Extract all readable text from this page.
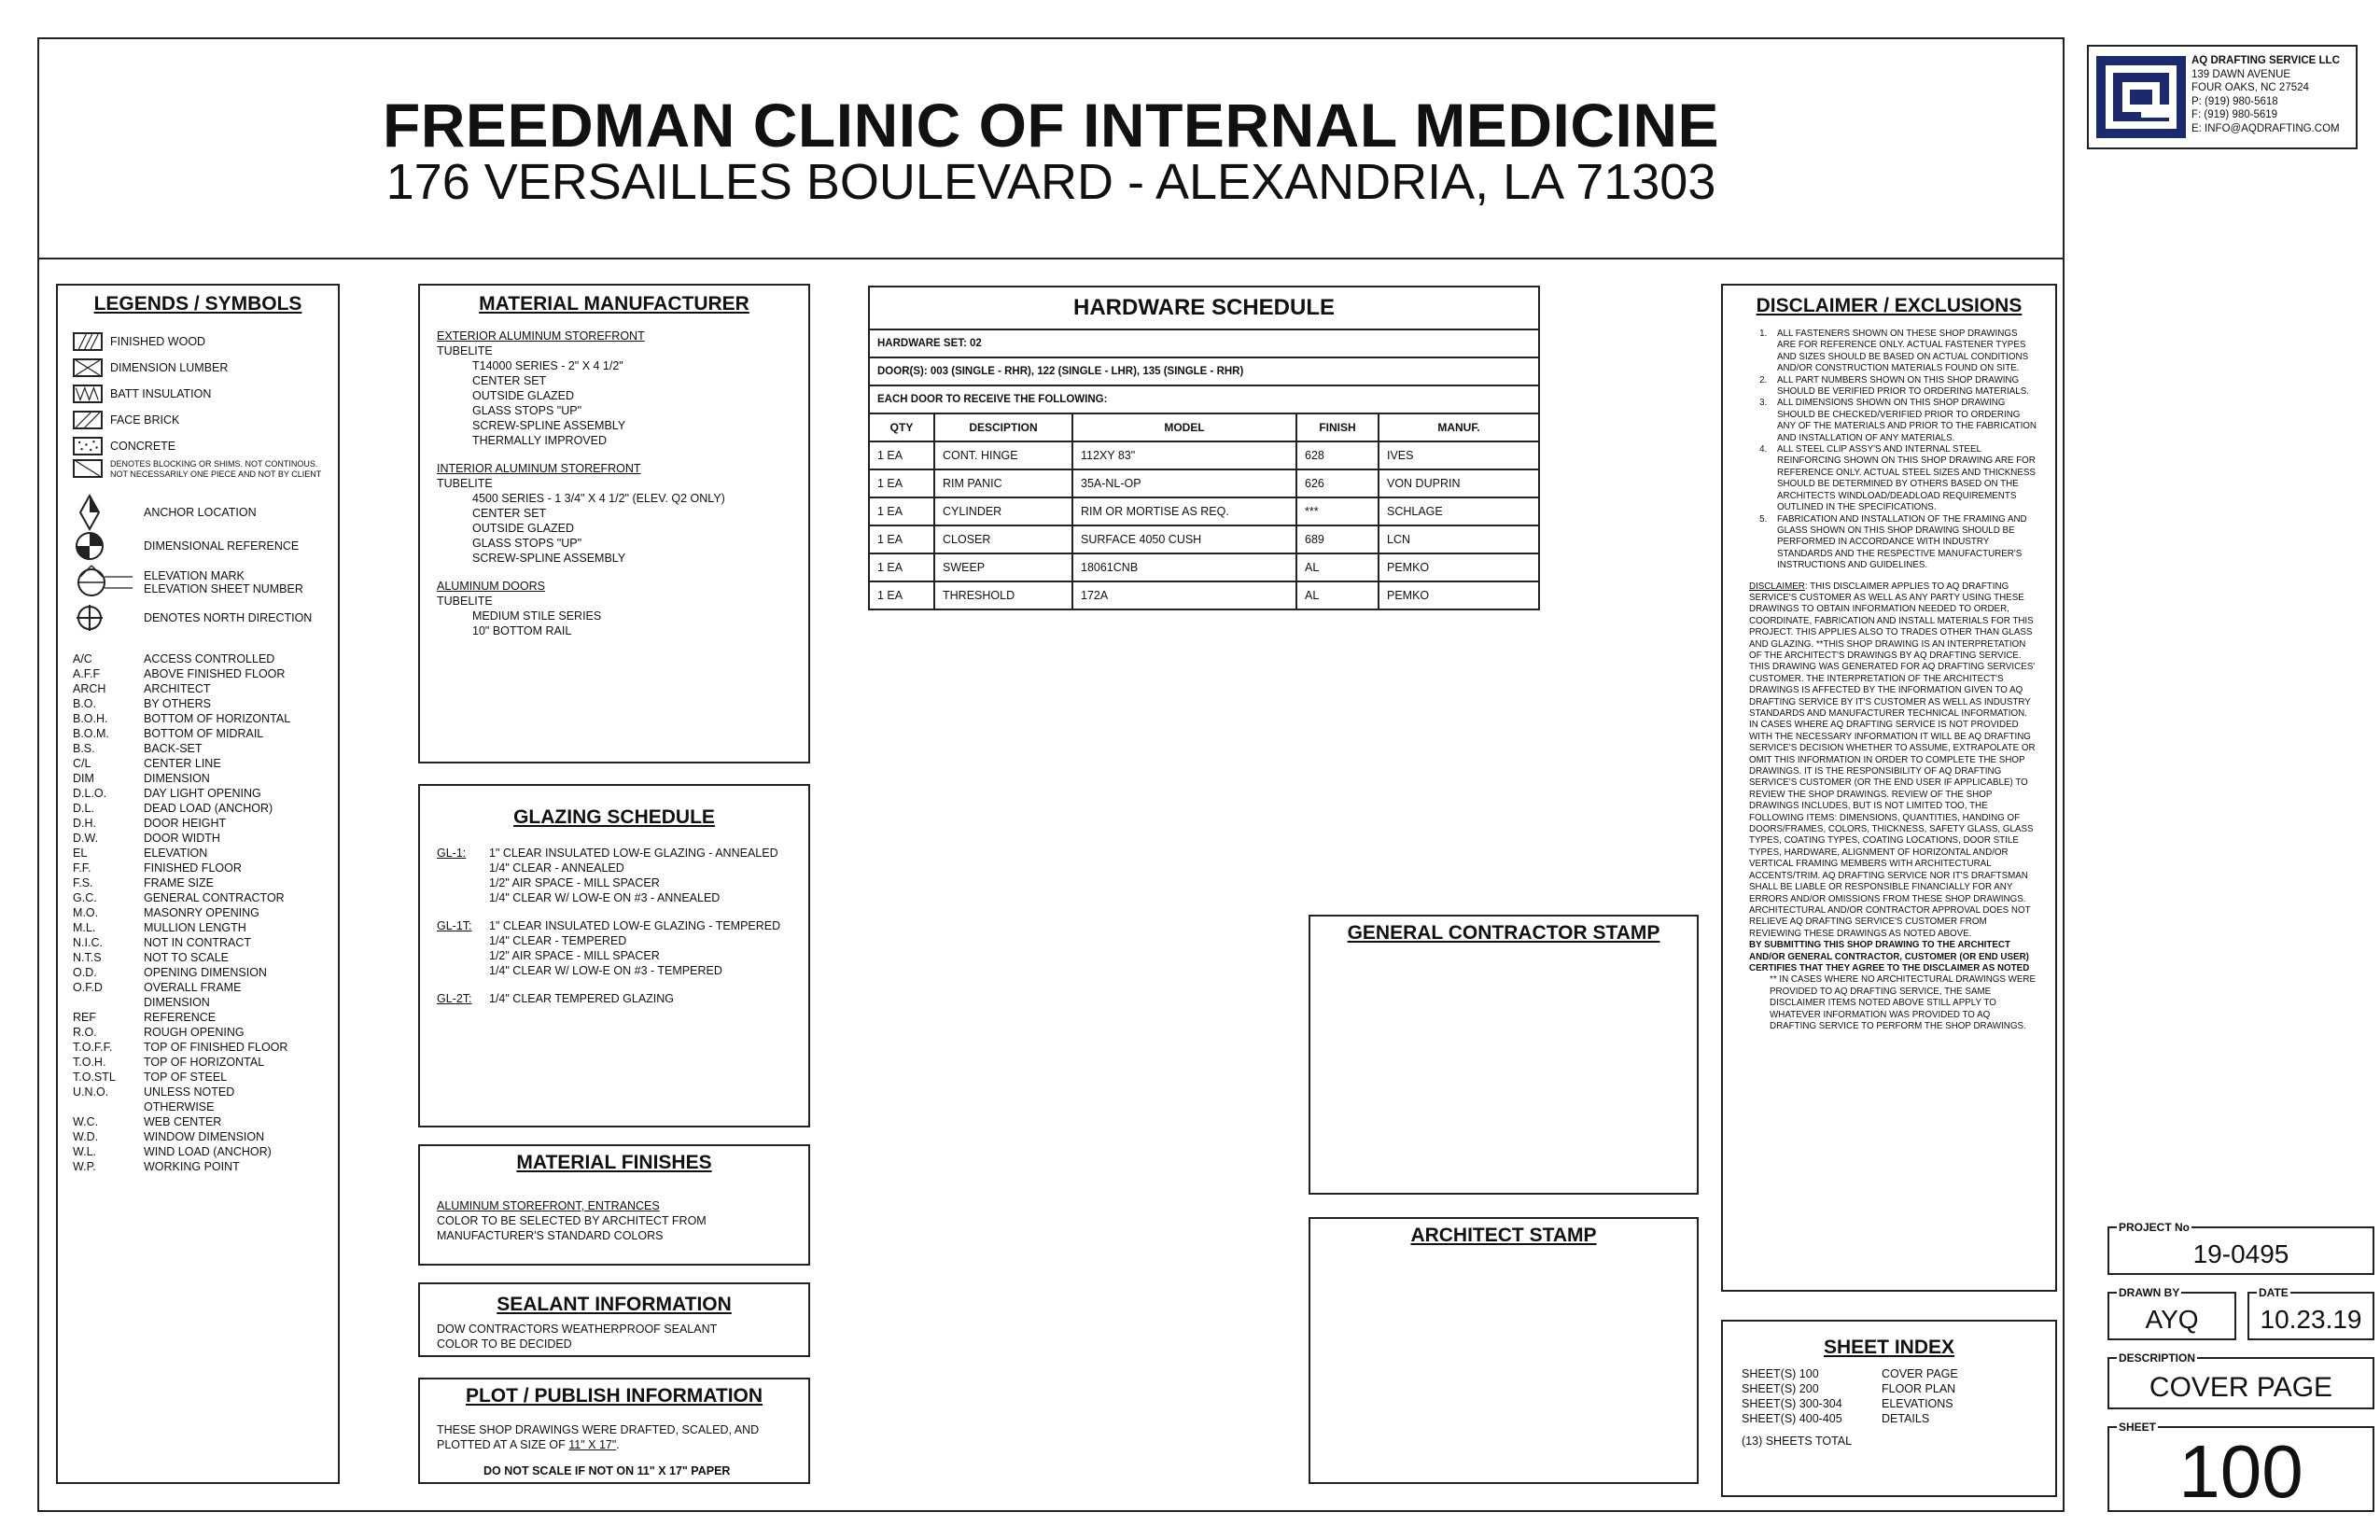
FREEDMAN CLINIC OF INTERNAL MEDICINE
176 VERSAILLES BOULEVARD - ALEXANDRIA, LA 71303
AQ DRAFTING SERVICE LLC
139 DAWN AVENUE
FOUR OAKS, NC 27524
P: (919) 980-5618
F: (919) 980-5619
E: INFO@AQDRAFTING.COM
LEGENDS / SYMBOLS
FINISHED WOOD
DIMENSION LUMBER
BATT INSULATION
FACE BRICK
CONCRETE
DENOTES BLOCKING OR SHIMS. NOT CONTINOUS. NOT NECESSARILY ONE PIECE AND NOT BY CLIENT
ANCHOR LOCATION
DIMENSIONAL REFERENCE
ELEVATION MARK
ELEVATION SHEET NUMBER
DENOTES NORTH DIRECTION
A/C	ACCESS CONTROLLED
A.F.F	ABOVE FINISHED FLOOR
ARCH	ARCHITECT
B.O.	BY OTHERS
B.O.H.	BOTTOM OF HORIZONTAL
B.O.M.	BOTTOM OF MIDRAIL
B.S.	BACK-SET
C/L	CENTER LINE
DIM	DIMENSION
D.L.O.	DAY LIGHT OPENING
D.L.	DEAD LOAD (ANCHOR)
D.H.	DOOR HEIGHT
D.W.	DOOR WIDTH
EL	ELEVATION
F.F.	FINISHED FLOOR
F.S.	FRAME SIZE
G.C.	GENERAL CONTRACTOR
M.O.	MASONRY OPENING
M.L.	MULLION LENGTH
N.I.C.	NOT IN CONTRACT
N.T.S	NOT TO SCALE
O.D.	OPENING DIMENSION
O.F.D	OVERALL FRAME
DIMENSION
REF	REFERENCE
R.O.	ROUGH OPENING
T.O.F.F.	TOP OF FINISHED FLOOR
T.O.H.	TOP OF HORIZONTAL
T.O.STL	TOP OF STEEL
U.N.O.	UNLESS NOTED
OTHERWISE
W.C.	WEB CENTER
W.D.	WINDOW DIMENSION
W.L.	WIND LOAD (ANCHOR)
W.P.	WORKING POINT
MATERIAL MANUFACTURER
EXTERIOR ALUMINUM STOREFRONT
TUBELITE
T14000 SERIES - 2" X 4 1/2"
CENTER SET
OUTSIDE GLAZED
GLASS STOPS "UP"
SCREW-SPLINE ASSEMBLY
THERMALLY IMPROVED
INTERIOR ALUMINUM STOREFRONT
TUBELITE
4500 SERIES - 1 3/4" X 4 1/2" (ELEV. Q2 ONLY)
CENTER SET
OUTSIDE GLAZED
GLASS STOPS "UP"
SCREW-SPLINE ASSEMBLY
ALUMINUM DOORS
TUBELITE
MEDIUM STILE SERIES
10" BOTTOM RAIL
GLAZING SCHEDULE
GL-1:	1" CLEAR INSULATED LOW-E GLAZING - ANNEALED
1/4" CLEAR - ANNEALED
1/2" AIR SPACE - MILL SPACER
1/4" CLEAR W/ LOW-E ON #3 - ANNEALED
GL-1T:	1" CLEAR INSULATED LOW-E GLAZING - TEMPERED
1/4" CLEAR - TEMPERED
1/2" AIR SPACE - MILL SPACER
1/4" CLEAR W/ LOW-E ON #3 - TEMPERED
GL-2T:	1/4" CLEAR TEMPERED GLAZING
MATERIAL FINISHES
ALUMINUM STOREFRONT, ENTRANCES
COLOR TO BE SELECTED BY ARCHITECT FROM
MANUFACTURER'S STANDARD COLORS
SEALANT INFORMATION
DOW CONTRACTORS WEATHERPROOF SEALANT
COLOR TO BE DECIDED
PLOT / PUBLISH INFORMATION
THESE SHOP DRAWINGS WERE DRAFTED, SCALED, AND
PLOTTED AT A SIZE OF 11" X 17".
DO NOT SCALE IF NOT ON 11" X 17" PAPER
HARDWARE SCHEDULE				
HARDWARE SET: 02				
DOOR(S): 003 (SINGLE - RHR), 122 (SINGLE - LHR), 135 (SINGLE - RHR)				
EACH DOOR TO RECEIVE THE FOLLOWING:				
QTY	DESCIPTION	MODEL	FINISH	MANUF.
1 EA	CONT. HINGE	112XY 83"	628	IVES
1 EA	RIM PANIC	35A-NL-OP	626	VON DUPRIN
1 EA	CYLINDER	RIM OR MORTISE AS REQ.	***	SCHLAGE
1 EA	CLOSER	SURFACE 4050 CUSH	689	LCN
1 EA	SWEEP	18061CNB	AL	PEMKO
1 EA	THRESHOLD	172A	AL	PEMKO
GENERAL CONTRACTOR STAMP
ARCHITECT STAMP
DISCLAIMER / EXCLUSIONS
1. ALL FASTENERS SHOWN ON THESE SHOP DRAWINGS ARE FOR REFERENCE ONLY. ACTUAL FASTENER TYPES AND SIZES SHOULD BE BASED ON ACTUAL CONDITIONS AND/OR CONSTRUCTION MATERIALS FOUND ON SITE.
2. ALL PART NUMBERS SHOWN ON THIS SHOP DRAWING SHOULD BE VERIFIED PRIOR TO ORDERING MATERIALS.
3. ALL DIMENSIONS SHOWN ON THIS SHOP DRAWING SHOULD BE CHECKED/VERIFIED PRIOR TO ORDERING ANY OF THE MATERIALS AND PRIOR TO THE FABRICATION AND INSTALLATION OF ANY MATERIALS.
4. ALL STEEL CLIP ASSY'S AND INTERNAL STEEL REINFORCING SHOWN ON THIS SHOP DRAWING ARE FOR REFERENCE ONLY. ACTUAL STEEL SIZES AND THICKNESS SHOULD BE DETERMINED BY OTHERS BASED ON THE ARCHITECTS WINDLOAD/DEADLOAD REQUIREMENTS OUTLINED IN THE SPECIFICATIONS.
5. FABRICATION AND INSTALLATION OF THE FRAMING AND GLASS SHOWN ON THIS SHOP DRAWING SHOULD BE PERFORMED IN ACCORDANCE WITH INDUSTRY STANDARDS AND THE RESPECTIVE MANUFACTURER'S INSTRUCTIONS AND GUIDELINES.
DISCLAIMER: THIS DISCLAIMER APPLIES TO AQ DRAFTING SERVICE'S CUSTOMER AS WELL AS ANY PARTY USING THESE DRAWINGS TO OBTAIN INFORMATION NEEDED TO ORDER, COORDINATE, FABRICATION AND INSTALL MATERIALS FOR THIS PROJECT. THIS APPLIES ALSO TO TRADES OTHER THAN GLASS AND GLAZING. **THIS SHOP DRAWING IS AN INTERPRETATION OF THE ARCHITECT'S DRAWINGS BY AQ DRAFTING SERVICE. THIS DRAWING WAS GENERATED FOR AQ DRAFTING SERVICES' CUSTOMER. THE INTERPRETATION OF THE ARCHITECT'S DRAWINGS IS AFFECTED BY THE INFORMATION GIVEN TO AQ DRAFTING SERVICE BY IT'S CUSTOMER AS WELL AS INDUSTRY STANDARDS AND MANUFACTURER TECHNICAL INFORMATION. IN CASES WHERE AQ DRAFTING SERVICE IS NOT PROVIDED WITH THE NECESSARY INFORMATION IT WILL BE AQ DRAFTING SERVICE'S DECISION WHETHER TO ASSUME, EXTRAPOLATE OR OMIT THIS INFORMATION IN ORDER TO COMPLETE THE SHOP DRAWINGS. IT IS THE RESPONSIBILITY OF AQ DRAFTING SERVICE'S CUSTOMER (OR THE END USER IF APPLICABLE) TO REVIEW THE SHOP DRAWINGS. REVIEW OF THE SHOP DRAWINGS INCLUDES, BUT IS NOT LIMITED TOO, THE FOLLOWING ITEMS: DIMENSIONS, QUANTITIES, HANDING OF DOORS/FRAMES, COLORS, THICKNESS, SAFETY GLASS, GLASS TYPES, COATING TYPES, COATING LOCATIONS, DOOR STILE TYPES, HARDWARE, ALIGNMENT OF HORIZONTAL AND/OR VERTICAL FRAMING MEMBERS WITH ARCHITECTURAL ACCENTS/TRIM. AQ DRAFTING SERVICE NOR IT'S DRAFTSMAN SHALL BE LIABLE OR RESPONSIBLE FINANCIALLY FOR ANY ERRORS AND/OR OMISSIONS FROM THESE SHOP DRAWINGS. ARCHITECTURAL AND/OR CONTRACTOR APPROVAL DOES NOT RELIEVE AQ DRAFTING SERVICE'S CUSTOMER FROM REVIEWING THESE DRAWINGS AS NOTED ABOVE.
BY SUBMITTING THIS SHOP DRAWING TO THE ARCHITECT AND/OR GENERAL CONTRACTOR, CUSTOMER (OR END USER) CERTIFIES THAT THEY AGREE TO THE DISCLAIMER AS NOTED
** IN CASES WHERE NO ARCHITECTURAL DRAWINGS WERE PROVIDED TO AQ DRAFTING SERVICE, THE SAME DISCLAIMER ITEMS NOTED ABOVE STILL APPLY TO WHATEVER INFORMATION WAS PROVIDED TO AQ DRAFTING SERVICE TO PERFORM THE SHOP DRAWINGS.
SHEET INDEX
SHEET(S) 100	COVER PAGE
SHEET(S) 200	FLOOR PLAN
SHEET(S) 300-304	ELEVATIONS
SHEET(S) 400-405	DETAILS
(13) SHEETS TOTAL
PROJECT No
19-0495
DRAWN BY
AYQ
DATE
10.23.19
DESCRIPTION
COVER PAGE
SHEET
100
